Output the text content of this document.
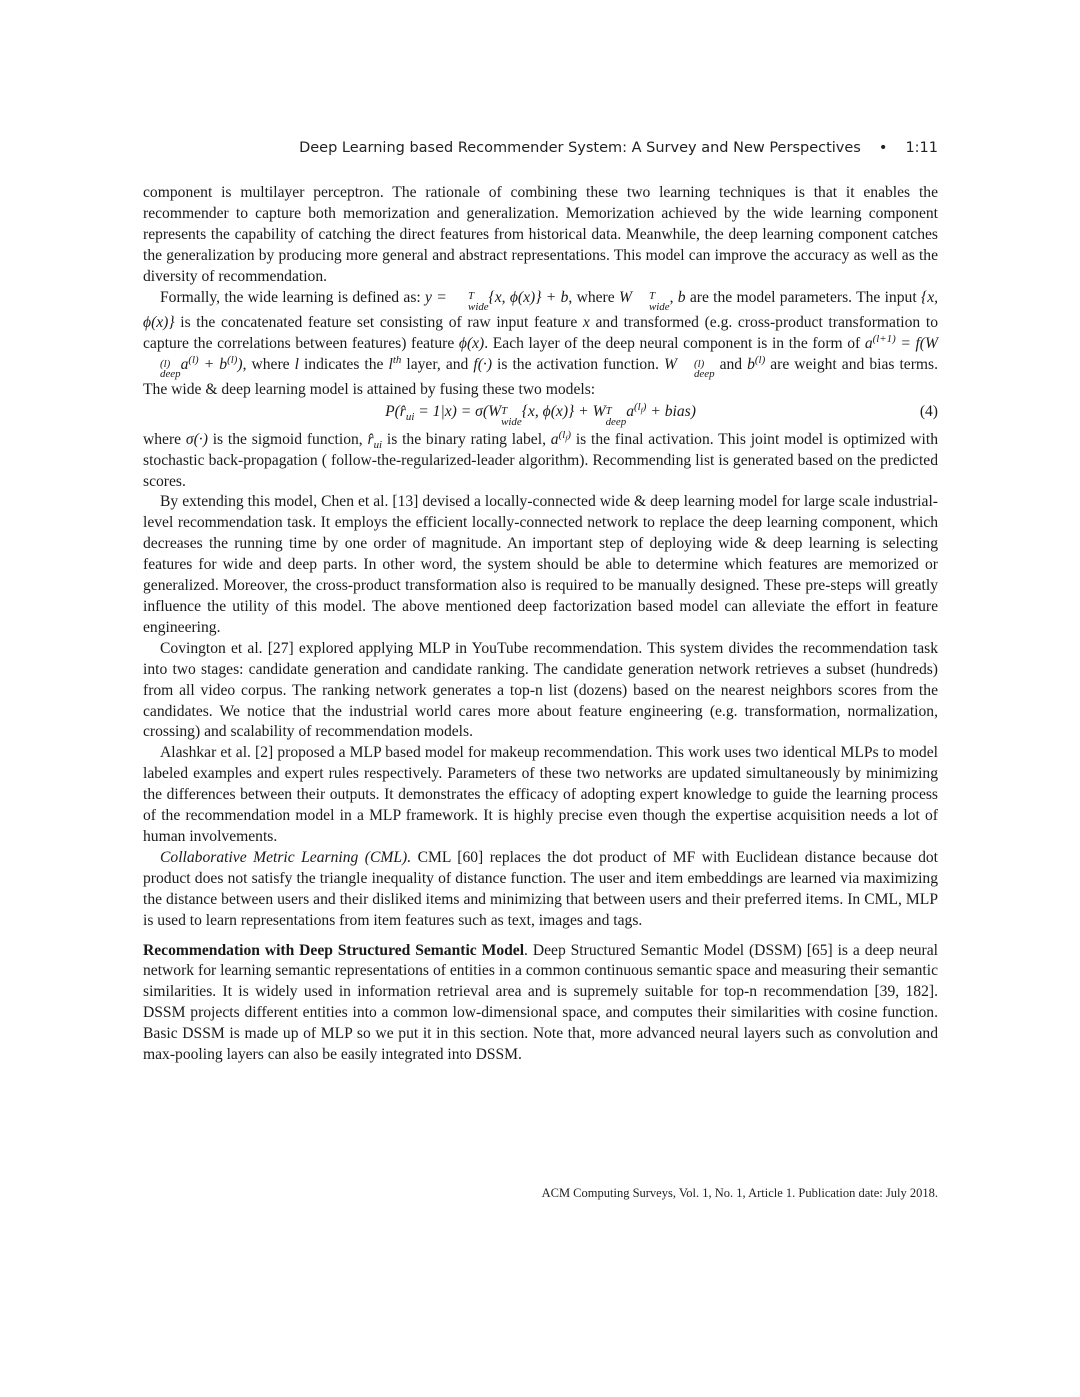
Deep Learning based Recommender System: A Survey and New Perspectives • 1:11

component is multilayer perceptron. The rationale of combining these two learning techniques is that it enables the recommender to capture both memorization and generalization. Memorization achieved by the wide learning component represents the capability of catching the direct features from historical data. Meanwhile, the deep learning component catches the generalization by producing more general and abstract representations. This model can improve the accuracy as well as the diversity of recommendation.

Formally, the wide learning is defined as: y =	T
wide
{x, ϕ(x)} + b, where W	T
wide
, b are the model parameters. The input {x, ϕ(x)} is the concatenated feature set consisting of raw input feature x and transformed (e.g. cross-product transformation to capture the correlations between features) feature ϕ(x). Each layer of the deep neural component is in the form of $a^{(l+1)} = f(W$
(l)
deep
$a^{(l)} + b^{(l)}$), where l indicates the $l^{th}$ layer, and f(·) is the activation function. W	(l)
deep
and $b^{(l)}$ are weight and bias terms. The wide & deep learning model is attained by fusing these two models:

$P(r̂_{ui} = 1|x) = \sigma(W$ T
wide
{x, ϕ(x)} + W T
deep
$a^{(l_f)}$ + bias)	(4)

where σ(·) is the sigmoid function, $r̂_{ui}$ is the binary rating label, $a^{(l_f)}$ is the final activation. This joint model is optimized with stochastic back-propagation ( follow-the-regularized-leader algorithm). Recommending list is generated based on the predicted scores.

By extending this model, Chen et al. [13] devised a locally-connected wide & deep learning model for large scale industrial-level recommendation task. It employs the efficient locally-connected network to replace the deep learning component, which decreases the running time by one order of magnitude. An important step of deploying wide & deep learning is selecting features for wide and deep parts. In other word, the system should be able to determine which features are memorized or generalized. Moreover, the cross-product transformation also is required to be manually designed. These pre-steps will greatly influence the utility of this model. The above mentioned deep factorization based model can alleviate the effort in feature engineering.

Covington et al. [27] explored applying MLP in YouTube recommendation. This system divides the recommendation task into two stages: candidate generation and candidate ranking. The candidate generation network retrieves a subset (hundreds) from all video corpus. The ranking network generates a top-n list (dozens) based on the nearest neighbors scores from the candidates. We notice that the industrial world cares more about feature engineering (e.g. transformation, normalization, crossing) and scalability of recommendation models.

Alashkar et al. [2] proposed a MLP based model for makeup recommendation. This work uses two identical MLPs to model labeled examples and expert rules respectively. Parameters of these two networks are updated simultaneously by minimizing the differences between their outputs. It demonstrates the efficacy of adopting expert knowledge to guide the learning process of the recommendation model in a MLP framework. It is highly precise even though the expertise acquisition needs a lot of human involvements.

Collaborative Metric Learning (CML). CML [60] replaces the dot product of MF with Euclidean distance because dot product does not satisfy the triangle inequality of distance function. The user and item embeddings are learned via maximizing the distance between users and their disliked items and minimizing that between users and their preferred items. In CML, MLP is used to learn representations from item features such as text, images and tags.

Recommendation with Deep Structured Semantic Model. Deep Structured Semantic Model (DSSM) [65] is a deep neural network for learning semantic representations of entities in a common continuous semantic space and measuring their semantic similarities. It is widely used in information retrieval area and is supremely suitable for top-n recommendation [39, 182]. DSSM projects different entities into a common low-dimensional space, and computes their similarities with cosine function. Basic DSSM is made up of MLP so we put it in this section. Note that, more advanced neural layers such as convolution and max-pooling layers can also be easily integrated into DSSM.

ACM Computing Surveys, Vol. 1, No. 1, Article 1. Publication date: July 2018.
